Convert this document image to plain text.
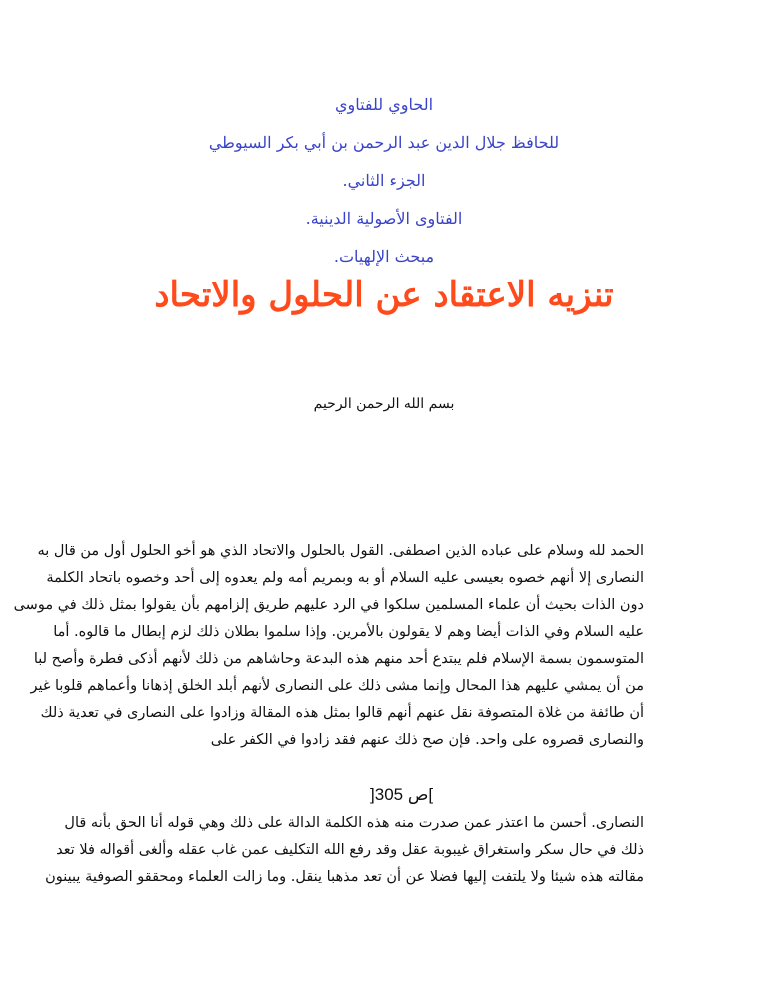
الحاوي للفتاوي
للحافظ جلال الدين عبد الرحمن بن أبي بكر السيوطي
الجزء الثاني.
الفتاوى الأصولية الدينية.
مبحث الإلهيات.
تنزيه الاعتقاد عن الحلول والاتحاد
بسم الله الرحمن الرحيم
الحمد لله وسلام على عباده الذين اصطفى. القول بالحلول والاتحاد الذي هو أخو الحلول أول من قال به
النصارى إلا أنهم خصوه بعيسى عليه السلام أو به وبمريم أمه ولم يعدوه إلى أحد وخصوه باتحاد الكلمة
دون الذات بحيث أن علماء المسلمين سلكوا في الرد عليهم طريق إلزامهم بأن يقولوا بمثل ذلك في موسى
عليه السلام وفي الذات أيضا وهم لا يقولون بالأمرين. وإذا سلموا بطلان ذلك لزم إبطال ما قالوه. أما
المتوسمون بسمة الإسلام فلم يبتدع أحد منهم هذه البدعة وحاشاهم من ذلك لأنهم أذكى فطرة وأصح لبا
من أن يمشي عليهم هذا المحال وإنما مشى ذلك على النصارى لأنهم أبلد الخلق إذهانا وأعماهم قلوبا غير
أن طائفة من غلاة المتصوفة نقل عنهم أنهم قالوا بمثل هذه المقالة وزادوا على النصارى في تعدية ذلك
والنصارى قصروه على واحد. فإن صح ذلك عنهم فقد زادوا في الكفر على
]ص 305[
النصارى. أحسن ما اعتذر عمن صدرت منه هذه الكلمة الدالة على ذلك وهي قوله أنا الحق بأنه قال
ذلك في حال سكر واستغراق غيبوبة عقل وقد رفع الله التكليف عمن غاب عقله وألغى أقواله فلا تعد
مقالته هذه شيئا ولا يلتفت إليها فضلا عن أن تعد مذهبا ينقل. وما زالت العلماء ومحققو الصوفية يبينون
